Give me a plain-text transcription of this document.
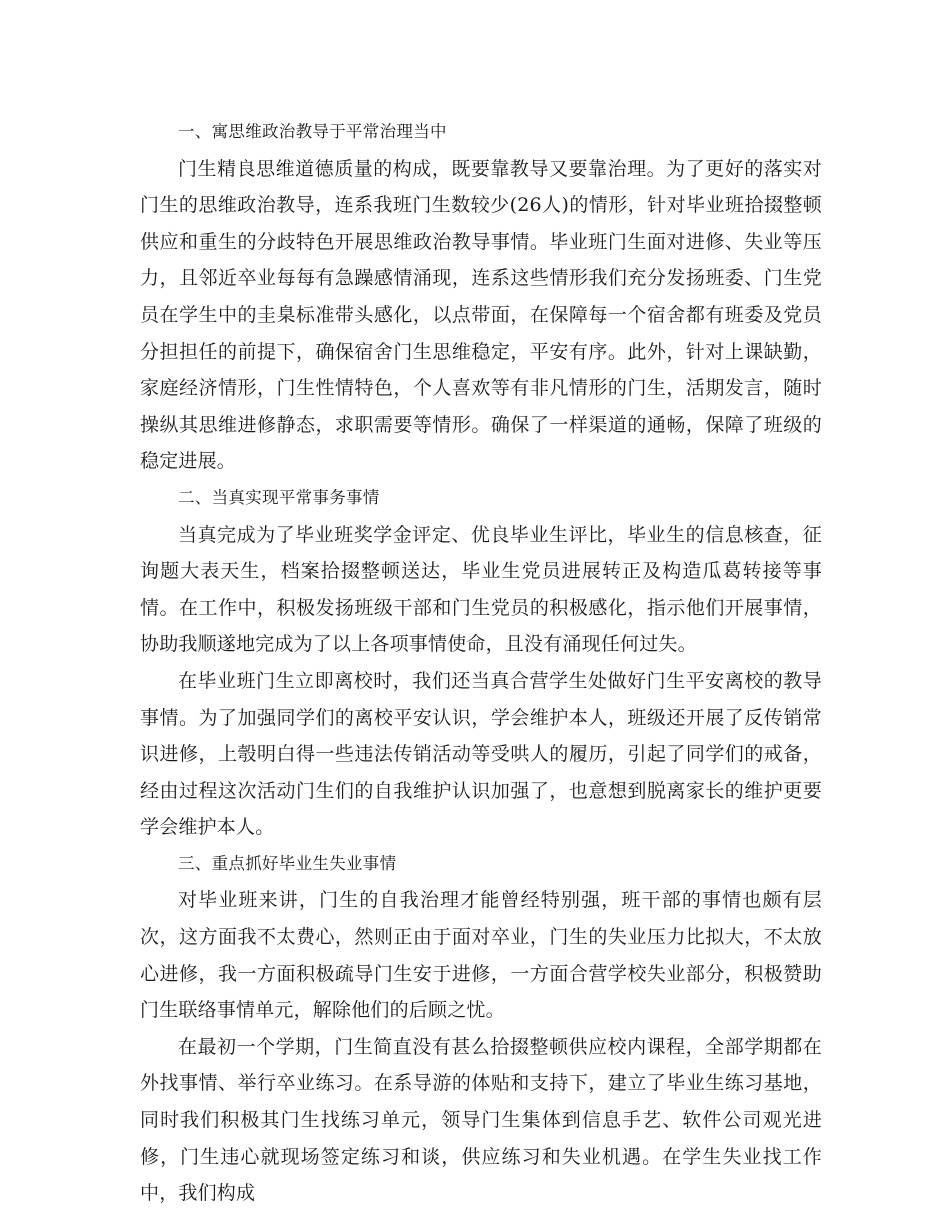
一、寓思维政治教导于平常治理当中

门生精良思维道德质量的构成，既要靠教导又要靠治理。为了更好的落实对门生的思维政治教导，连系我班门生数较少(26人)的情形，针对毕业班拾掇整顿供应和重生的分歧特色开展思维政治教导事情。毕业班门生面对进修、失业等压力，且邻近卒业每每有急躁感情涌现，连系这些情形我们充分发扬班委、门生党员在学生中的圭臬标准带头感化，以点带面，在保障每一个宿舍都有班委及党员分担担任的前提下，确保宿舍门生思维稳定，平安有序。此外，针对上课缺勤，家庭经济情形，门生性情特色，个人喜欢等有非凡情形的门生，活期发言，随时操纵其思维进修静态，求职需要等情形。确保了一样渠道的通畅，保障了班级的稳定进展。

二、当真实现平常事务事情

当真完成为了毕业班奖学金评定、优良毕业生评比，毕业生的信息核查，征询题大表天生，档案拾掇整顿送达，毕业生党员进展转正及构造瓜葛转接等事情。在工作中，积极发扬班级干部和门生党员的积极感化，指示他们开展事情，协助我顺遂地完成为了以上各项事情使命，且没有涌现任何过失。

在毕业班门生立即离校时，我们还当真合营学生处做好门生平安离校的教导事情。为了加强同学们的离校平安认识，学会维护本人，班级还开展了反传销常识进修，上彀明白得一些违法传销活动等受哄人的履历，引起了同学们的戒备，经由过程这次活动门生们的自我维护认识加强了，也意想到脱离家长的维护更要学会维护本人。

三、重点抓好毕业生失业事情

对毕业班来讲，门生的自我治理才能曾经特别强，班干部的事情也颇有层次，这方面我不太费心，然则正由于面对卒业，门生的失业压力比拟大，不太放心进修，我一方面积极疏导门生安于进修，一方面合营学校失业部分，积极赞助门生联络事情单元，解除他们的后顾之忧。

在最初一个学期，门生简直没有甚么拾掇整顿供应校内课程，全部学期都在外找事情、举行卒业练习。在系导游的体贴和支持下，建立了毕业生练习基地，同时我们积极其门生找练习单元，领导门生集体到信息手艺、软件公司观光进修，门生违心就现场签定练习和谈，供应练习和失业机遇。在学生失业找工作中，我们构成
